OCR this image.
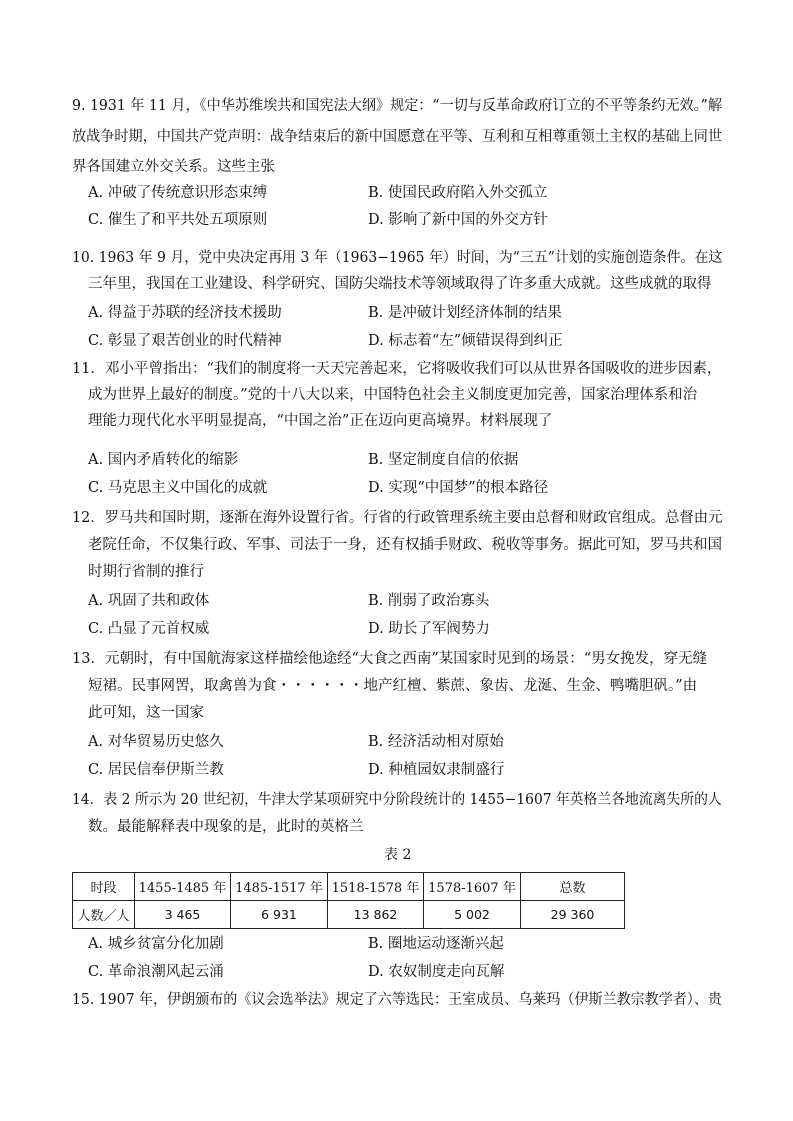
9. 1931 年 11 月，《中华苏维埃共和国宪法大纲》规定：“一切与反革命政府订立的不平等条约无效。”解
放战争时期，中国共产党声明：战争结束后的新中国愿意在平等、互利和互相尊重领土主权的基础上同世
界各国建立外交关系。这些主张
A. 冲破了传统意识形态束缚	B. 使国民政府陷入外交孤立
C. 催生了和平共处五项原则	D. 影响了新中国的外交方针
10. 1963 年 9 月，党中央决定再用 3 年（1963−1965 年）时间，为“三五”计划的实施创造条件。在这
三年里，我国在工业建设、科学研究、国防尖端技术等领域取得了许多重大成就。这些成就的取得
A. 得益于苏联的经济技术援助	B. 是冲破计划经济体制的结果
C. 彰显了艰苦创业的时代精神	D. 标志着“左”倾错误得到纠正
11．邓小平曾指出：“我们的制度将一天天完善起来，它将吸收我们可以从世界各国吸收的进步因素，
成为世界上最好的制度。”党的十八大以来，中国特色社会主义制度更加完善，国家治理体系和治
理能力现代化水平明显提高，“中国之治”正在迈向更高境界。材料展现了
A. 国内矛盾转化的缩影	B. 坚定制度自信的依据
C. 马克思主义中国化的成就	D. 实现“中国梦”的根本路径
12．罗马共和国时期，逐渐在海外设置行省。行省的行政管理系统主要由总督和财政官组成。总督由元
老院任命，不仅集行政、军事、司法于一身，还有权插手财政、税收等事务。据此可知，罗马共和国
时期行省制的推行
A. 巩固了共和政体	B. 削弱了政治寡头
C. 凸显了元首权威	D. 助长了军阀势力
13．元朝时，有中国航海家这样描绘他途经“大食之西南”某国家时见到的场景：“男女挽发，穿无缝
短裙。民事网罟，取禽兽为食・・・・・・地产红檀、紫蔗、象齿、龙涎、生金、鸭嘴胆矾。”由
此可知，这一国家
A. 对华贸易历史悠久	B. 经济活动相对原始
C. 居民信奉伊斯兰教	D. 种植园奴隶制盛行
14．表 2 所示为 20 世纪初，牛津大学某项研究中分阶段统计的 1455−1607 年英格兰各地流离失所的人
数。最能解释表中现象的是，此时的英格兰
表 2
时段	1455-1485 年	1485-1517 年	1518-1578 年	1578-1607 年	总数
人数／人	3 465	6 931	13 862	5 002	29 360
A. 城乡贫富分化加剧	B. 圈地运动逐渐兴起
C. 革命浪潮风起云涌	D. 农奴制度走向瓦解
15. 1907 年，伊朗颁布的《议会选举法》规定了六等选民：王室成员、乌莱玛（伊斯兰教宗教学者）、贵
